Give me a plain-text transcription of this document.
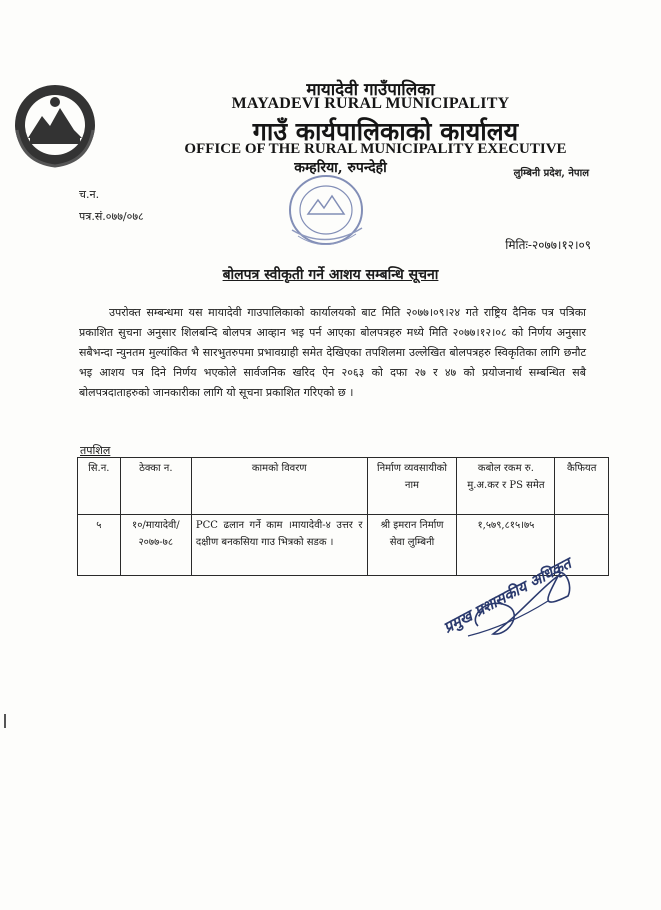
मायादेवी गाउँपालिका
MAYADEVI RURAL MUNICIPALITY
गाउँ कार्यपालिकाको कार्यालय
OFFICE OF THE RURAL MUNICIPALITY EXECUTIVE
कम्हरिया, रुपन्देही	लुम्बिनी प्रदेश, नेपाल
च.न.
पत्र.सं.०७७/०७८
मितिः-२०७७।१२।०९
बोलपत्र स्वीकृती गर्ने आशय सम्बन्धि सूचना

उपरोक्त सम्बन्धमा यस मायादेवी गाउपालिकाको कार्यालयको बाट मिति २०७७।०९।२४ गते राष्ट्रिय दैनिक पत्र पत्रिका प्रकाशित सुचना अनुसार शिलबन्दि बोलपत्र आव्हान भइ पर्न आएका बोलपत्रहरु मध्ये मिति २०७७।१२।०८ को निर्णय अनुसार सबैभन्दा न्युनतम मुल्यांकित भै सारभुतरुपमा प्रभावग्राही समेत देखिएका तपशिलमा उल्लेखित बोलपत्रहरु स्विकृतिका लागि छनौट भइ आशय पत्र दिने निर्णय भएकोले सार्वजनिक खरिद ऐन २०६३ को दफा २७ र ४७ को प्रयोजनार्थ सम्बन्धित सबै बोलपत्रदाताहरुको जानकारीका लागि यो सूचना प्रकाशित गरिएको छ ।

तपशिल
सि.न.	ठेक्का न.	कामको विवरण	निर्माण व्यवसायीको नाम	कबोल रकम रु. मु.अ.कर र PS समेत	कैफियत
५	१०/मायादेवी/२०७७-७८	PCC ढलान गर्ने काम ।मायादेवी-४ उत्तर र दक्षीण बनकसिया गाउ भित्रको सडक ।	श्री इमरान निर्माण सेवा लुम्बिनी	१,५७९,८१५।७५	
प्रमुख प्रशासकीय अधिकृत
